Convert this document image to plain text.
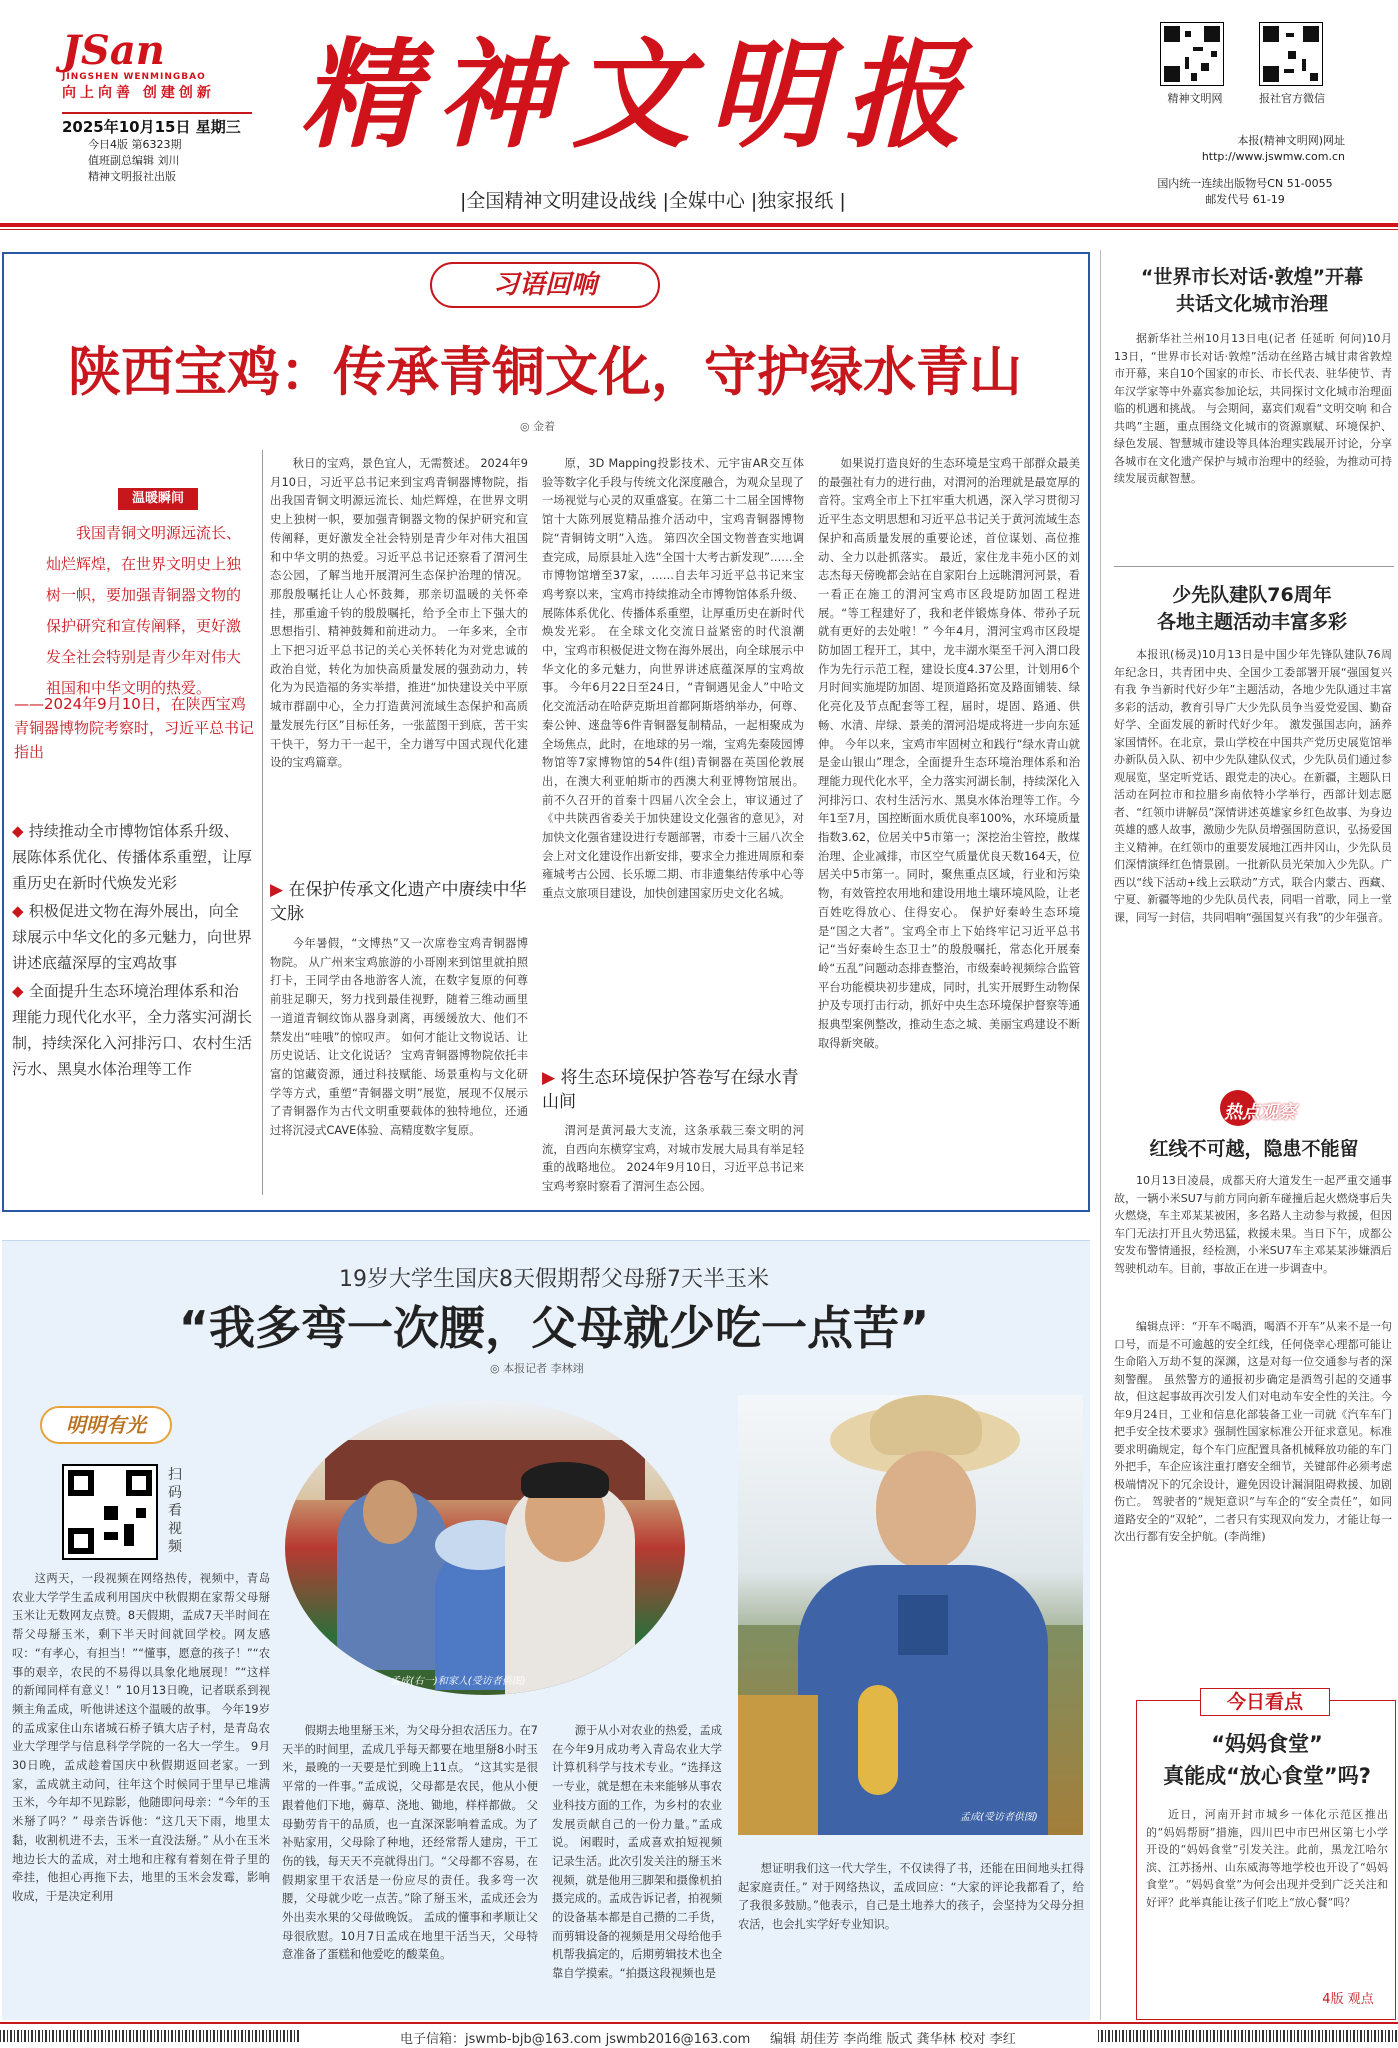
JSan
JINGSHEN WENMINGBAO
向上向善 创建创新
2025年10月15日 星期三
今日4版 第6323期
值班副总编辑 刘川
精神文明报社出版
精神文明报
|全国精神文明建设战线 |全媒中心 |独家报纸 |
精神文明网	报社官方微信
本报(精神文明网)网址
http://www.jswmw.com.cn
国内统一连续出版物号CN 51-0055
邮发代号 61-19
习语回响
陕西宝鸡：传承青铜文化，守护绿水青山
◎ 金着
温暖瞬间
我国青铜文明源远流长、灿烂辉煌，在世界文明史上独树一帜，要加强青铜器文物的保护研究和宣传阐释，更好激发全社会特别是青少年对伟大祖国和中华文明的热爱。
——2024年9月10日，在陕西宝鸡青铜器博物院考察时，习近平总书记指出
◆ 持续推动全市博物馆体系升级、展陈体系优化、传播体系重塑，让厚重历史在新时代焕发光彩
◆ 积极促进文物在海外展出，向全球展示中华文化的多元魅力，向世界讲述底蕴深厚的宝鸡故事
◆ 全面提升生态环境治理体系和治理能力现代化水平，全力落实河湖长制，持续深化入河排污口、农村生活污水、黑臭水体治理等工作
秋日的宝鸡，景色宜人，无需赘述。 2024年9月10日，习近平总书记来到宝鸡青铜器博物院，指出我国青铜文明源远流长、灿烂辉煌，在世界文明史上独树一帜，要加强青铜器文物的保护研究和宣传阐释，更好激发全社会特别是青少年对伟大祖国和中华文明的热爱。习近平总书记还察看了渭河生态公园，了解当地开展渭河生态保护治理的情况。 那殷殷嘱托让人心怀鼓舞，那亲切温暖的关怀牵挂，那重逾千钧的殷殷嘱托，给予全市上下强大的思想指引、精神鼓舞和前进动力。 一年多来，全市上下把习近平总书记的关心关怀转化为对党忠诚的政治自觉，转化为加快高质量发展的强劲动力，转化为为民造福的务实举措，推进“加快建设关中平原城市群副中心，全力打造黄河流域生态保护和高质量发展先行区”目标任务，一张蓝图干到底，苦干实干快干，努力干一起干，全力谱写中国式现代化建设的宝鸡篇章。
▶ 在保护传承文化遗产中赓续中华文脉
今年暑假，“文博热”又一次席卷宝鸡青铜器博物院。 从广州来宝鸡旅游的小哥刚来到馆里就拍照打卡，王同学由各地游客人流，在数字复原的何尊前驻足聊天，努力找到最佳视野，随着三维动画里一道道青铜纹饰从器身剥离，再缓缓放大、他们不禁发出“哇哦”的惊叹声。 如何才能让文物说话、让历史说话、让文化说话？ 宝鸡青铜器博物院依托丰富的馆藏资源，通过科技赋能、场景重构与文化研学等方式，重塑“青铜器文明”展览，展现不仅展示了青铜器作为古代文明重要载体的独特地位，还通过将沉浸式CAVE体验、高精度数字复原。
原，3D Mapping投影技术、元宇宙AR交互体验等数字化手段与传统文化深度融合，为观众呈现了一场视觉与心灵的双重盛宴。在第二十二届全国博物馆十大陈列展览精品推介活动中，宝鸡青铜器博物院“青铜铸文明”入选。 第四次全国文物普查实地调查完成，局原县址入选“全国十大考古新发现”……全市博物馆增至37家，……自去年习近平总书记来宝鸡考察以来，宝鸡市持续推动全市博物馆体系升级、展陈体系优化、传播体系重塑，让厚重历史在新时代焕发光彩。 在全球文化交流日益紧密的时代浪潮中，宝鸡市积极促进文物在海外展出，向全球展示中华文化的多元魅力，向世界讲述底蕴深厚的宝鸡故事。 今年6月22日至24日，“青铜遇见金人”中哈文化交流活动在哈萨克斯坦首都阿斯塔纳举办，何尊、秦公钟、逨盘等6件青铜器复制精品，一起相聚成为全场焦点，此时，在地球的另一端，宝鸡先秦陵园博物馆等7家博物馆的54件(组)青铜器在英国伦敦展出，在澳大利亚帕斯市的西澳大利亚博物馆展出。 前不久召开的首秦十四届八次全会上，审议通过了《中共陕西省委关于加快建设文化强省的意见》，对加快文化强省建设进行专题部署，市委十三届八次全会上对文化建设作出新安排，要求全力推进周原和秦雍城考古公园、长乐塬二期、市非遗集结传承中心等重点文旅项目建设，加快创建国家历史文化名城。
▶ 将生态环境保护答卷写在绿水青山间
渭河是黄河最大支流，这条承载三秦文明的河流，自西向东横穿宝鸡，对城市发展大局具有举足轻重的战略地位。 2024年9月10日，习近平总书记来宝鸡考察时察看了渭河生态公园。
如果说打造良好的生态环境是宝鸡干部群众最美的最强社有力的进行曲，对渭河的治理就是最宽厚的音符。宝鸡全市上下扛牢重大机遇，深入学习贯彻习近平生态文明思想和习近平总书记关于黄河流域生态保护和高质量发展的重要论述，首位谋划、高位推动、全力以赴抓落实。 最近，家住龙丰苑小区的刘志杰每天傍晚都会站在自家阳台上远眺渭河河景，看一看正在施工的渭河宝鸡市区段堤防加固工程进展。“等工程建好了，我和老伴锻炼身体、带孙子玩就有更好的去处啦！” 今年4月，渭河宝鸡市区段堤防加固工程开工，其中，龙丰湖水渠至千河入渭口段作为先行示范工程，建设长度4.37公里，计划用6个月时间实施堤防加固、堤顶道路拓宽及路面铺装、绿化亮化及节点配套等工程，届时，堤固、路通、供畅、水清、岸绿、景美的渭河沿堤成将进一步向东延伸。 今年以来，宝鸡市牢固树立和践行“绿水青山就是金山银山”理念，全面提升生态环境治理体系和治理能力现代化水平，全力落实河湖长制，持续深化入河排污口、农村生活污水、黑臭水体治理等工作。今年1至7月，国控断面水质优良率100%，水环境质量指数3.62，位居关中5市第一；深挖治尘管控，散煤治理、企业减排，市区空气质量优良天数164天，位居关中5市第一。同时，聚焦重点区域，行业和污染物，有效管控农用地和建设用地土壤环境风险，让老百姓吃得放心、住得安心。 保护好秦岭生态环境是“国之大者”。宝鸡全市上下始终牢记习近平总书记“当好秦岭生态卫士”的殷殷嘱托，常态化开展秦岭“五乱”问题动态排查整治，市级秦岭视频综合监管平台功能模块初步建成，同时，扎实开展野生动物保护及专项打击行动，抓好中央生态环境保护督察等通报典型案例整改，推动生态之城、美丽宝鸡建设不断取得新突破。
“世界市长对话·敦煌”开幕
共话文化城市治理
据新华社兰州10月13日电(记者 任延昕 何问)10月13日，“世界市长对话·敦煌”活动在丝路古城甘肃省敦煌市开幕，来自10个国家的市长、市长代表、驻华使节、青年汉学家等中外嘉宾参加论坛，共同探讨文化城市治理面临的机遇和挑战。 与会期间，嘉宾们观看“文明交响 和合共鸣”主题，重点围绕文化城市的资源禀赋、环境保护、绿色发展、智慧城市建设等具体治理实践展开讨论，分享各城市在文化遗产保护与城市治理中的经验，为推动可持续发展贡献智慧。
少先队建队76周年
各地主题活动丰富多彩
本报讯(杨灵)10月13日是中国少年先锋队建队76周年纪念日，共青团中央、全国少工委部署开展“强国复兴有我 争当新时代好少年”主题活动，各地少先队通过丰富多彩的活动，教育引导广大少先队员争当爱党爱国、勤奋好学、全面发展的新时代好少年。 激发强国志向，涵养家国情怀。在北京，景山学校在中国共产党历史展览馆举办新队员入队、初中少先队建队仪式，少先队员们通过参观展览，坚定听党话、跟党走的决心。在新疆，主题队日活动在阿拉市和拉腊乡南依特小学举行，西部计划志愿者、“红领巾讲解员”深情讲述英雄家乡红色故事、为身边英雄的感人故事，激励少先队员增强国防意识，弘扬爱国主义精神。在红领巾的重要发展地江西井冈山，少先队员们深情演绎红色情景剧。一批新队员光荣加入少先队。广西以“线下活动+线上云联动”方式，联合内蒙古、西藏、宁夏、新疆等地的少先队员代表，同唱一首歌，同上一堂课，同写一封信，共同唱响“强国复兴有我”的少年强音。
热点观察
红线不可越，隐患不能留
10月13日凌晨，成都天府大道发生一起严重交通事故，一辆小米SU7与前方同向新车碰撞后起火燃烧事后失火燃烧，车主邓某某被困，多名路人主动参与救援，但因车门无法打开且火势迅猛，救援未果。当日下午，成都公安发布警情通报，经检测，小米SU7车主邓某某涉嫌酒后驾驶机动车。目前，事故正在进一步调查中。
编辑点评：“开车不喝酒，喝酒不开车”从来不是一句口号，而是不可逾越的安全红线，任何侥幸心理都可能让生命陷入万劫不复的深渊，这是对每一位交通参与者的深刻警醒。 虽然警方的通报初步确定是酒驾引起的交通事故，但这起事故再次引发人们对电动车安全性的关注。今年9月24日，工业和信息化部装备工业一司就《汽车车门把手安全技术要求》强制性国家标准公开征求意见。标准要求明确规定，每个车门应配置具备机械释放功能的车门外把手，车企应该注重打磨安全细节，关键部件必须考虑极端情况下的冗余设计，避免因设计漏洞阻碍救援、加剧伤亡。 驾驶者的“规矩意识”与车企的“安全责任”，如同道路安全的“双轮”，二者只有实现双向发力，才能让每一次出行都有安全护航。(李尚维)
今日看点
“妈妈食堂”
真能成“放心食堂”吗?
近日，河南开封市城乡一体化示范区推出的“妈妈帮厨”措施，四川巴中市巴州区第七小学开设的“妈妈食堂”引发关注。此前，黑龙江哈尔滨、江苏扬州、山东威海等地学校也开设了“妈妈食堂”。“妈妈食堂”为何会出现并受到广泛关注和好评？此举真能让孩子们吃上“放心餐”吗？
4版 观点
19岁大学生国庆8天假期帮父母掰7天半玉米
“我多弯一次腰，父母就少吃一点苦”
◎ 本报记者 李林翊
明明有光
扫码看视频
孟成(右一)和家人(受访者供图)
孟成(受访者供图)
这两天，一段视频在网络热传，视频中，青岛农业大学学生孟成利用国庆中秋假期在家帮父母掰玉米让无数网友点赞。8天假期，孟成7天半时间在帮父母掰玉米，剩下半天时间就回学校。网友感叹：“有孝心，有担当！”“懂事，愿意的孩子！”“农事的艰辛，农民的不易得以具象化地展现！”“这样的新闻同样有意义！” 10月13日晚，记者联系到视频主角孟成，听他讲述这个温暖的故事。 今年19岁的孟成家住山东诸城石桥子镇大店子村，是青岛农业大学理学与信息科学学院的一名大一学生。 9月30日晚，孟成趁着国庆中秋假期返回老家。一到家，孟成就主动问，往年这个时候同于里早已堆满玉米，今年却不见踪影，他随即问母亲：“今年的玉米掰了吗？” 母亲告诉他：“这几天下雨，地里太黏，收割机进不去，玉米一直没法掰。” 从小在玉米地边长大的孟成，对土地和庄稼有着刻在骨子里的牵挂，他担心再拖下去，地里的玉米会发霉，影响收成，于是决定利用
假期去地里掰玉米，为父母分担农活压力。在7天半的时间里，孟成几乎每天都要在地里掰8小时玉米，最晚的一天要是忙到晚上11点。 “这其实是很平常的一件事。”孟成说，父母都是农民，他从小便跟着他们下地，薅草、浇地、锄地，样样都做。 父母勤劳肯干的品质，也一直深深影响着孟成。为了补贴家用，父母除了种地，还经常帮人建房，干工伤的钱，每天天不亮就得出门。“父母都不容易，在假期家里干农活是一份应尽的责任。我多弯一次腰，父母就少吃一点苦。”除了掰玉米，孟成还会为外出卖水果的父母做晚饭。 孟成的懂事和孝顺让父母很欣慰。10月7日孟成在地里干活当天，父母特意准备了蛋糕和他爱吃的酸菜鱼。
源于从小对农业的热爱，孟成在今年9月成功考入青岛农业大学计算机科学与技术专业。“选择这一专业，就是想在未来能够从事农业科技方面的工作，为乡村的农业发展贡献自己的一份力量。”孟成说。 闲暇时，孟成喜欢拍短视频记录生活。此次引发关注的掰玉米视频，就是他用三脚架和摄像机拍摄完成的。孟成告诉记者，拍视频的设备基本都是自己攒的二手货，而剪辑设备的视频是用父母给他手机帮我搞定的，后期剪辑技术也全靠自学摸索。“拍摄这段视频也是
想证明我们这一代大学生，不仅读得了书，还能在田间地头扛得起家庭责任。” 对于网络热议，孟成回应：“大家的评论我都看了，给了我很多鼓励。”他表示，自己是土地养大的孩子，会坚持为父母分担农活，也会扎实学好专业知识。
电子信箱：jswmb-bjb@163.com jswmb2016@163.com 编辑 胡佳芳 李尚维 版式 龚华林 校对 李红
